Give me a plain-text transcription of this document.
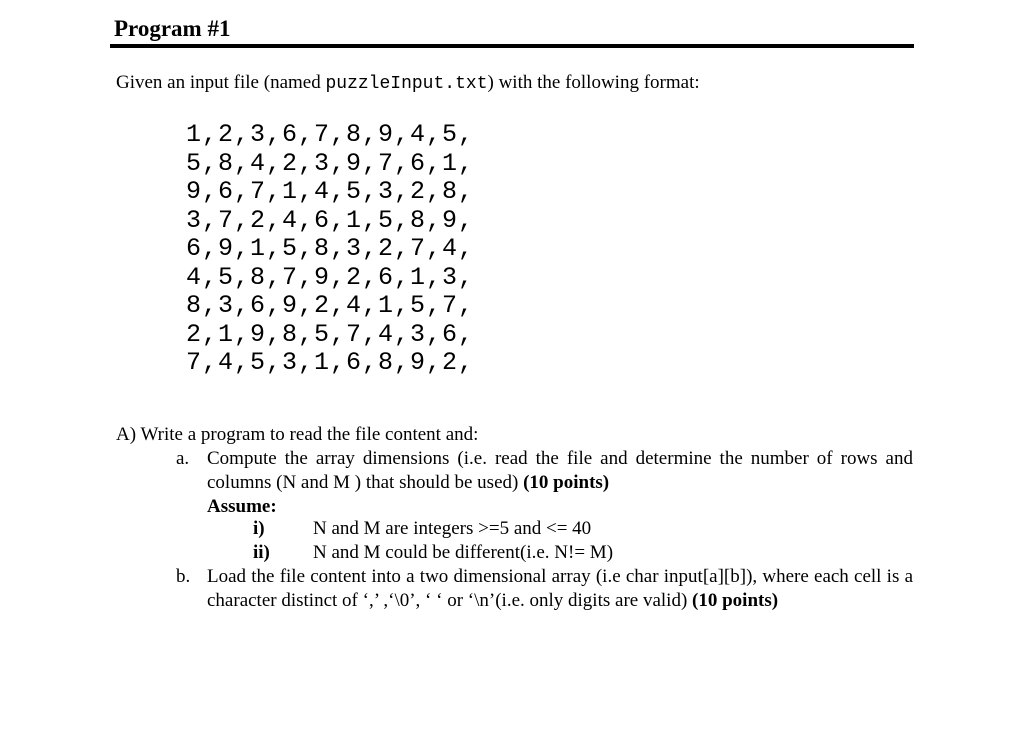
Program #1
Given an input file (named puzzleInput.txt) with the following format:
1,2,3,6,7,8,9,4,5,
5,8,4,2,3,9,7,6,1,
9,6,7,1,4,5,3,2,8,
3,7,2,4,6,1,5,8,9,
6,9,1,5,8,3,2,7,4,
4,5,8,7,9,2,6,1,3,
8,3,6,9,2,4,1,5,7,
2,1,9,8,5,7,4,3,6,
7,4,5,3,1,6,8,9,2,
A) Write a program to read the file content and:
a. Compute the array dimensions (i.e. read the file and determine the number of rows and columns (N and M ) that should be used) (10 points)
Assume:
i)	N and M are integers >=5 and <= 40
ii) N and M could be different(i.e. N!= M)
b. Load the file content into a two dimensional array (i.e char input[a][b]), where each cell is a character distinct of ‘,’ ,‘\0’, ‘ ‘ or ‘\n’(i.e. only digits are valid) (10 points)
